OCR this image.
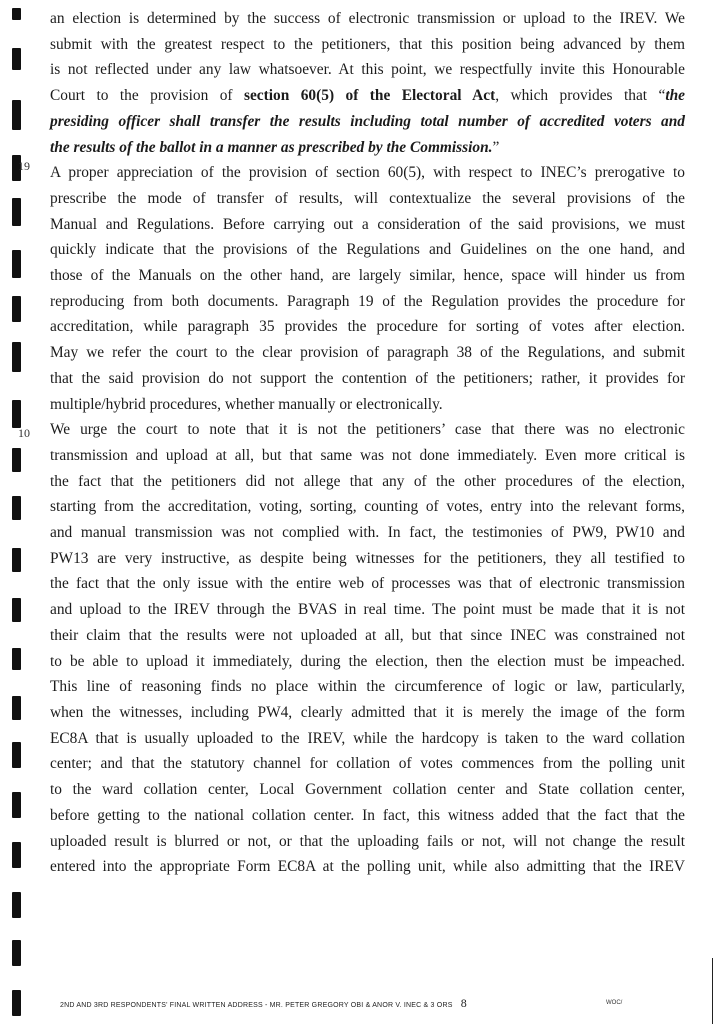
an election is determined by the success of electronic transmission or upload to the IREV. We
submit with the greatest respect to the petitioners, that this position being advanced by them
is not reflected under any law whatsoever. At this point, we respectfully invite this Honourable
Court to the provision of section 60(5) of the Electoral Act, which provides that “the
presiding officer shall transfer the results including total number of accredited voters and
the results of the ballot in a manner as prescribed by the Commission.”

19 A proper appreciation of the provision of section 60(5), with respect to INEC’s prerogative to
prescribe the mode of transfer of results, will contextualize the several provisions of the
Manual and Regulations. Before carrying out a consideration of the said provisions, we must
quickly indicate that the provisions of the Regulations and Guidelines on the one hand, and
those of the Manuals on the other hand, are largely similar, hence, space will hinder us from
reproducing from both documents. Paragraph 19 of the Regulation provides the procedure for
accreditation, while paragraph 35 provides the procedure for sorting of votes after election.
May we refer the court to the clear provision of paragraph 38 of the Regulations, and submit
that the said provision do not support the contention of the petitioners; rather, it provides for
multiple/hybrid procedures, whether manually or electronically.

10 We urge the court to note that it is not the petitioners’ case that there was no electronic
transmission and upload at all, but that same was not done immediately. Even more critical is
the fact that the petitioners did not allege that any of the other procedures of the election,
starting from the accreditation, voting, sorting, counting of votes, entry into the relevant forms,
and manual transmission was not complied with. In fact, the testimonies of PW9, PW10 and
PW13 are very instructive, as despite being witnesses for the petitioners, they all testified to
the fact that the only issue with the entire web of processes was that of electronic transmission
and upload to the IREV through the BVAS in real time. The point must be made that it is not
their claim that the results were not uploaded at all, but that since INEC was constrained not
to be able to upload it immediately, during the election, then the election must be impeached.
This line of reasoning finds no place within the circumference of logic or law, particularly,
when the witnesses, including PW4, clearly admitted that it is merely the image of the form
EC8A that is usually uploaded to the IREV, while the hardcopy is taken to the ward collation
center; and that the statutory channel for collation of votes commences from the polling unit
to the ward collation center, Local Government collation center and State collation center,
before getting to the national collation center. In fact, this witness added that the fact that the
uploaded result is blurred or not, or that the uploading fails or not, will not change the result
entered into the appropriate Form EC8A at the polling unit, while also admitting that the IREV

2ND AND 3RD RESPONDENTS' FINAL WRITTEN ADDRESS - MR. PETER GREGORY OBI & ANOR V. INEC & 3 ORS 8	WOC/
